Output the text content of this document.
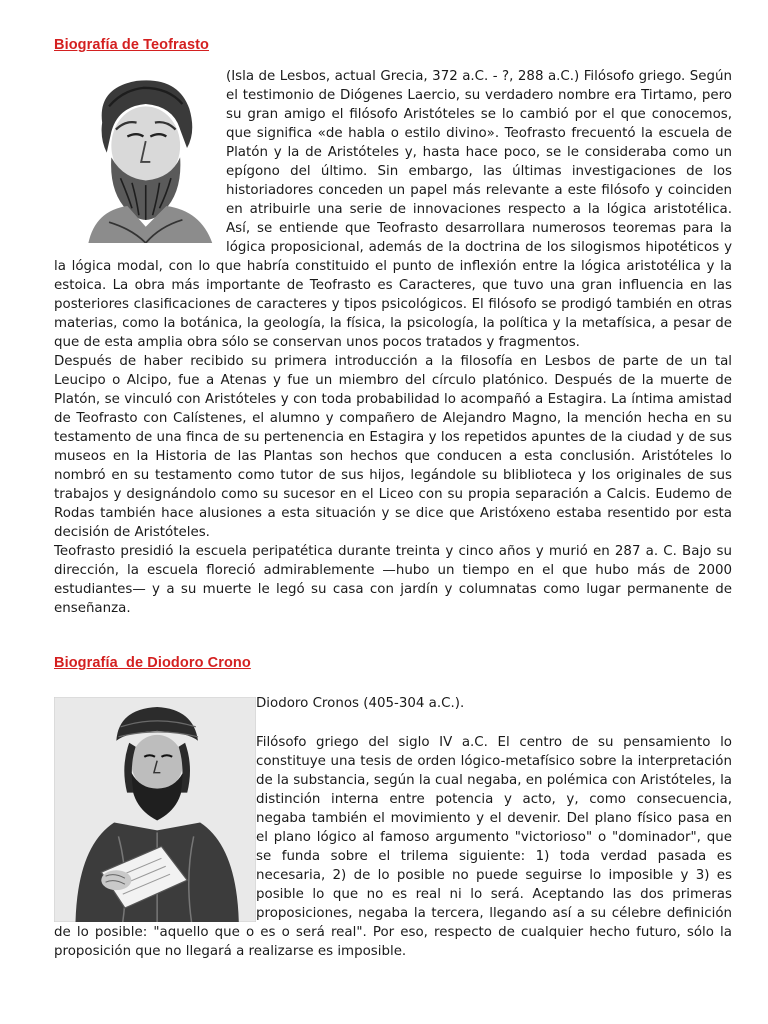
Biografía de Teofrasto

(Isla de Lesbos, actual Grecia, 372 a.C. - ?, 288 a.C.) Filósofo griego. Según el testimonio de Diógenes Laercio, su verdadero nombre era Tirtamo, pero su gran amigo el filósofo Aristóteles se lo cambió por el que conocemos, que significa «de habla o estilo divino». Teofrasto frecuentó la escuela de Platón y la de Aristóteles y, hasta hace poco, se le consideraba como un epígono del último. Sin embargo, las últimas investigaciones de los historiadores conceden un papel más relevante a este filósofo y coinciden en atribuirle una serie de innovaciones respecto a la lógica aristotélica. Así, se entiende que Teofrasto desarrollara numerosos teoremas para la lógica proposicional, además de la doctrina de los silogismos hipotéticos y la lógica modal, con lo que habría constituido el punto de inflexión entre la lógica aristotélica y la estoica. La obra más importante de Teofrasto es Caracteres, que tuvo una gran influencia en las posteriores clasificaciones de caracteres y tipos psicológicos. El filósofo se prodigó también en otras materias, como la botánica, la geología, la física, la psicología, la política y la metafísica, a pesar de que de esta amplia obra sólo se conservan unos pocos tratados y fragmentos.

Después de haber recibido su primera introducción a la filosofía en Lesbos de parte de un tal Leucipo o Alcipo, fue a Atenas y fue un miembro del círculo platónico. Después de la muerte de Platón, se vinculó con Aristóteles y con toda probabilidad lo acompañó a Estagira. La íntima amistad de Teofrasto con Calístenes, el alumno y compañero de Alejandro Magno, la mención hecha en su testamento de una finca de su pertenencia en Estagira y los repetidos apuntes de la ciudad y de sus museos en la Historia de las Plantas son hechos que conducen a esta conclusión. Aristóteles lo nombró en su testamento como tutor de sus hijos, legándole su bliblioteca y los originales de sus trabajos y designándolo como su sucesor en el Liceo con su propia separación a Calcis. Eudemo de Rodas también hace alusiones a esta situación y se dice que Aristóxeno estaba resentido por esta decisión de Aristóteles.

Teofrasto presidió la escuela peripatética durante treinta y cinco años y murió en 287 a. C. Bajo su dirección, la escuela floreció admirablemente —hubo un tiempo en el que hubo más de 2000 estudiantes— y a su muerte le legó su casa con jardín y columnatas como lugar permanente de enseñanza.

Biografía  de Diodoro Crono
Diodoro Cronos (405-304 a.C.).

Filósofo griego del siglo IV a.C. El centro de su pensamiento lo constituye una tesis de orden lógico-metafísico sobre la interpretación de la substancia, según la cual negaba, en polémica con Aristóteles, la distinción interna entre potencia y acto, y, como consecuencia, negaba también el movimiento y el devenir. Del plano físico pasa en el plano lógico al famoso argumento "victorioso" o "dominador", que se funda sobre el trilema siguiente: 1) toda verdad pasada es necesaria, 2) de lo posible no puede seguirse lo imposible y 3) es posible lo que no es real ni lo será. Aceptando las dos primeras proposiciones, negaba la tercera, llegando así a su célebre definición de lo posible: "aquello que o es o será real". Por eso, respecto de cualquier hecho futuro, sólo la proposición que no llegará a realizarse es imposible.
